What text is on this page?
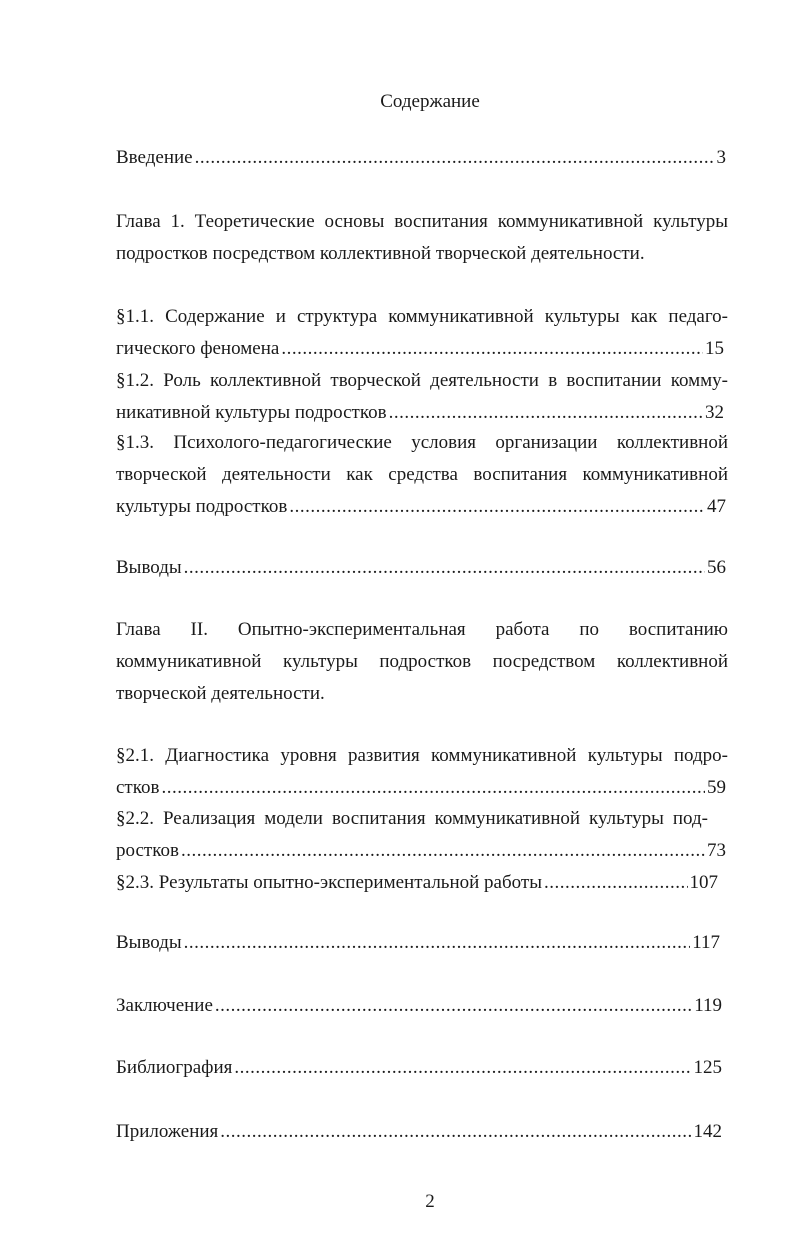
Содержание
Введение .....	3
Глава 1. Теоретические основы воспитания коммуникативной культуры подростков посредством коллективной творческой деятельности.
§1.1. Содержание и структура коммуникативной культуры как педаго-
гического феномена .....	15
§1.2. Роль коллективной творческой деятельности в воспитании комму-
никативной культуры подростков .....	32
§1.3. Психолого-педагогические условия организации коллективной
творческой деятельности как средства воспитания коммуникативной
культуры подростков .....	47
Выводы .....	56
Глава II. Опытно-экспериментальная работа по воспитанию коммуникативной культуры подростков посредством коллективной творческой деятельности.
§2.1. Диагностика уровня развития коммуникативной культуры подро-
стков .....	59
§2.2. Реализация модели воспитания коммуникативной культуры под-
ростков .....	73
§2.3. Результаты опытно-экспериментальной работы .....	107
Выводы .....	117
Заключение .....	119
Библиография .....	125
Приложения .....	142
2
